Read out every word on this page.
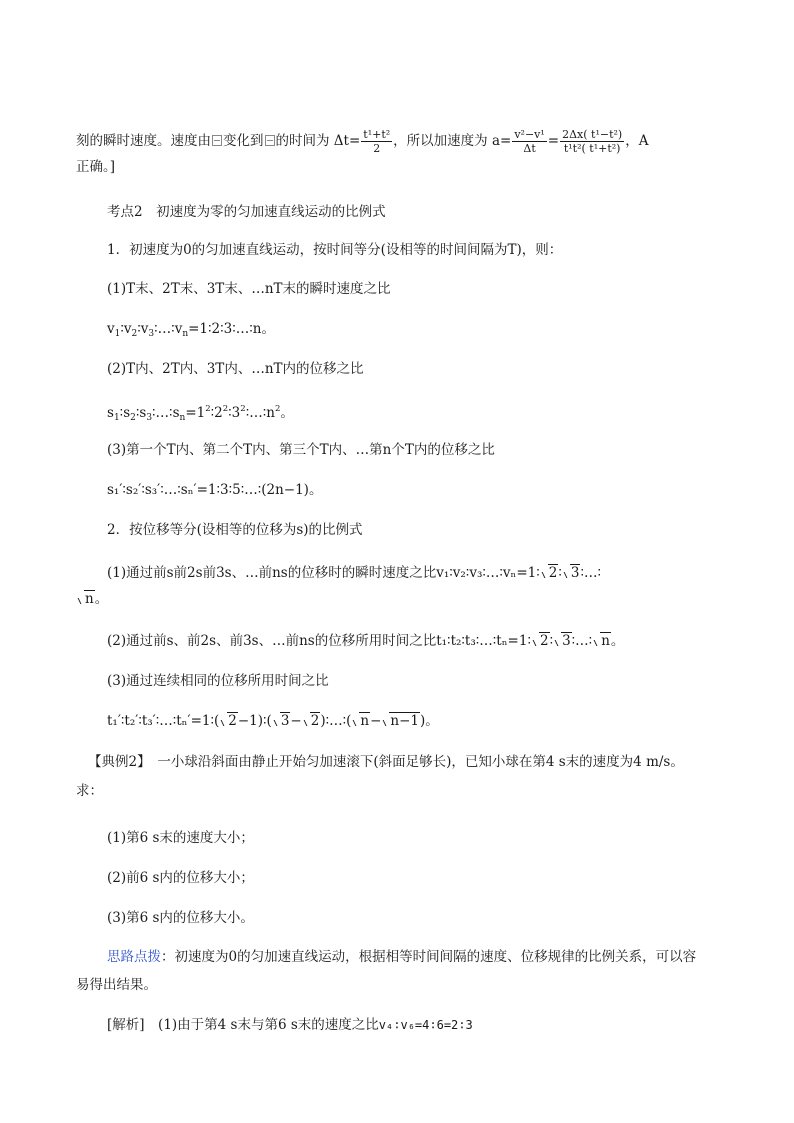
刻的瞬时速度。速度由 变化到 的时间为 $\Delta t= \frac{\text{t¹+t²}}{2}$ ，所以加速度为 $a= \frac{\text{v²−v¹}}{\Delta t} = \frac{\text{2Δx( t¹−t²)}}{\text{t¹t²( t¹+t²)}}$ ，A
正确。]
考点2　初速度为零的匀加速直线运动的比例式
1．初速度为0的匀加速直线运动，按时间等分(设相等的时间间隔为T)，则：
(1)T末、2T末、3T末、…nT末的瞬时速度之比
$v_1∶v_2∶v_3∶\dots∶v_n=1∶2∶3∶\dots∶n$。
(2)T内、2T内、3T内、…nT内的位移之比
$s_1∶s_2∶s_3∶\dots∶s_n=1^2∶2^2∶3^2∶\dots∶n^2$。
(3)第一个T内、第二个T内、第三个T内、…第n个T内的位移之比
s₁′∶s₂′∶s₃′∶…∶sₙ′=1∶3∶5∶…∶(2n−1)。
2．按位移等分(设相等的位移为s)的比例式
(1)通过前s前2s前3s、…前ns的位移时的瞬时速度之比v₁∶v₂∶v₃∶…∶vₙ=1∶ 2∶ 3∶…∶
n。
(2)通过前s、前2s、前3s、…前ns的位移所用时间之比t₁∶t₂∶t₃∶…∶tₙ=1∶ 2∶ 3∶…∶ n。
(3)通过连续相同的位移所用时间之比
t₁′∶t₂′∶t₃′∶…∶tₙ′=1∶( 2−1)∶( 3− 2)∶…∶( n− n−1)。
【典例2】　一小球沿斜面由静止开始匀加速滚下(斜面足够长)，已知小球在第4 s末的速度为4 m/s。
求：
(1)第6 s末的速度大小；
(2)前6 s内的位移大小；
(3)第6 s内的位移大小。
思路点拨：初速度为0的匀加速直线运动，根据相等时间间隔的速度、位移规律的比例关系，可以容
易得出结果。
[解析]　(1)由于第4 s末与第6 s末的速度之比v₄∶v₆=4∶6=2∶3
